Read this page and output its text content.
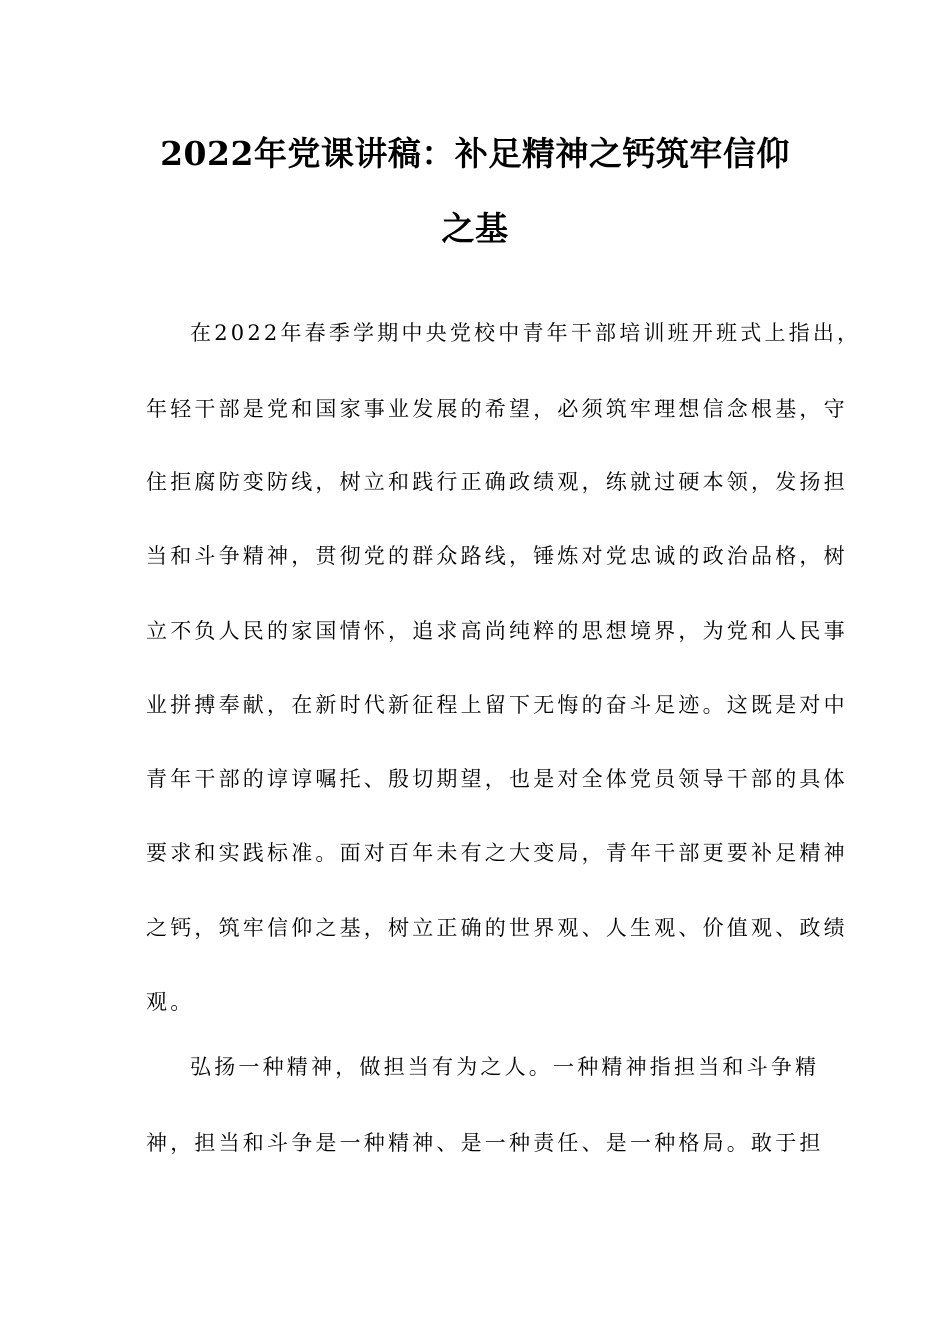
2022年党课讲稿：补足精神之钙筑牢信仰
之基
在2022年春季学期中央党校中青年干部培训班开班式上指出，
年轻干部是党和国家事业发展的希望，必须筑牢理想信念根基，守
住拒腐防变防线，树立和践行正确政绩观，练就过硬本领，发扬担
当和斗争精神，贯彻党的群众路线，锤炼对党忠诚的政治品格，树
立不负人民的家国情怀，追求高尚纯粹的思想境界，为党和人民事
业拼搏奉献，在新时代新征程上留下无悔的奋斗足迹。这既是对中
青年干部的谆谆嘱托、殷切期望，也是对全体党员领导干部的具体
要求和实践标准。面对百年未有之大变局，青年干部更要补足精神
之钙，筑牢信仰之基，树立正确的世界观、人生观、价值观、政绩
观。
弘扬一种精神，做担当有为之人。一种精神指担当和斗争精
神，担当和斗争是一种精神、是一种责任、是一种格局。敢于担
